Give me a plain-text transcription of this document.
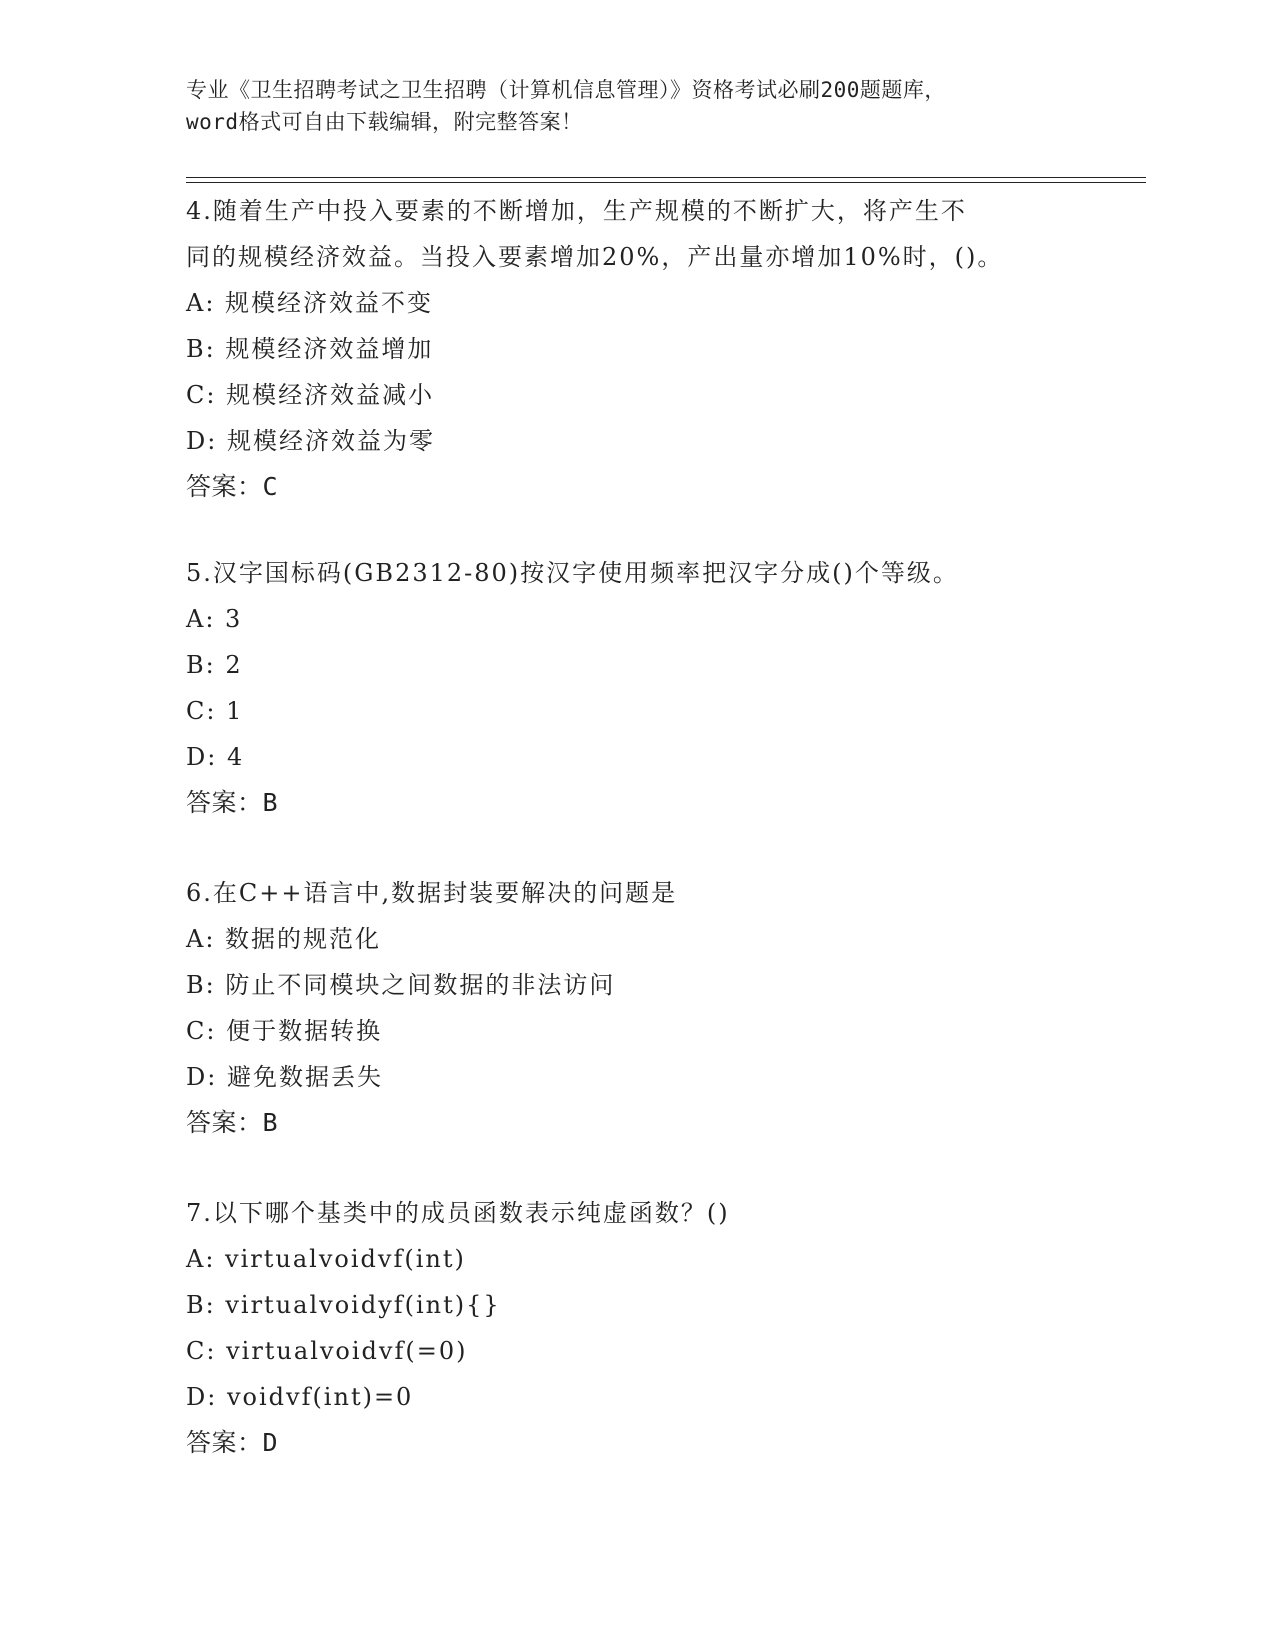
专业《卫生招聘考试之卫生招聘（计算机信息管理）》资格考试必刷200题题库，
word格式可自由下载编辑，附完整答案！
4.随着生产中投入要素的不断增加，生产规模的不断扩大，将产生不
同的规模经济效益。当投入要素增加20%，产出量亦增加10%时，()。
A: 规模经济效益不变
B: 规模经济效益增加
C: 规模经济效益减小
D: 规模经济效益为零
答案：C
5.汉字国标码(GB2312-80)按汉字使用频率把汉字分成()个等级。
A: 3
B: 2
C: 1
D: 4
答案：B
6.在C++语言中,数据封装要解决的问题是
A: 数据的规范化
B: 防止不同模块之间数据的非法访问
C: 便于数据转换
D: 避免数据丢失
答案：B
7.以下哪个基类中的成员函数表示纯虚函数？()
A: virtualvoidvf(int)
B: virtualvoidyf(int){}
C: virtualvoidvf(=0)
D: voidvf(int)=0
答案：D
